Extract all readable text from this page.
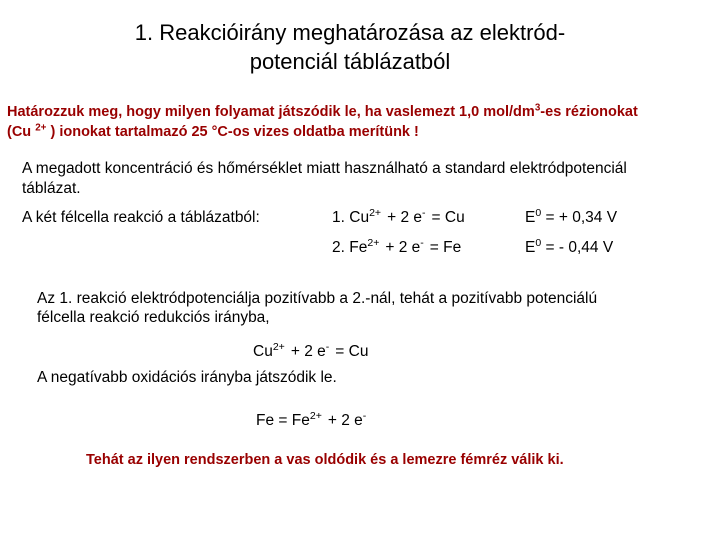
1. Reakcióirány meghatározása az elektród-
potenciál táblázatból
Határozzuk meg, hogy milyen folyamat játszódik le, ha vaslemezt 1,0 mol/$dm^3-es$ rézionokat
(Cu $^{2+}$ ) ionokat tartalmazó 25 °C-os vizes oldatba merítünk !
A megadott koncentráció és hőmérséklet miatt használható a standard elektródpotenciál
táblázat.
A két félcella reakció a táblázatból:	1. $Cu^{2+} + 2$ e- = Cu	$E^0$ = + 0,34 V
2. $Fe^{2+} + 2$ e- = Fe	$E^0$ = - 0,44 V
Az 1. reakció elektródpotenciálja pozitívabb a 2.-nál, tehát a pozitívabb potenciálú
félcella reakció redukciós irányba,
$Cu^{2+} + 2$ e- = Cu
A negatívabb oxidációs irányba játszódik le.
$Fe = Fe^{2+} + 2$ e-
Tehát az ilyen rendszerben a vas oldódik és a lemezre fémréz válik ki.
